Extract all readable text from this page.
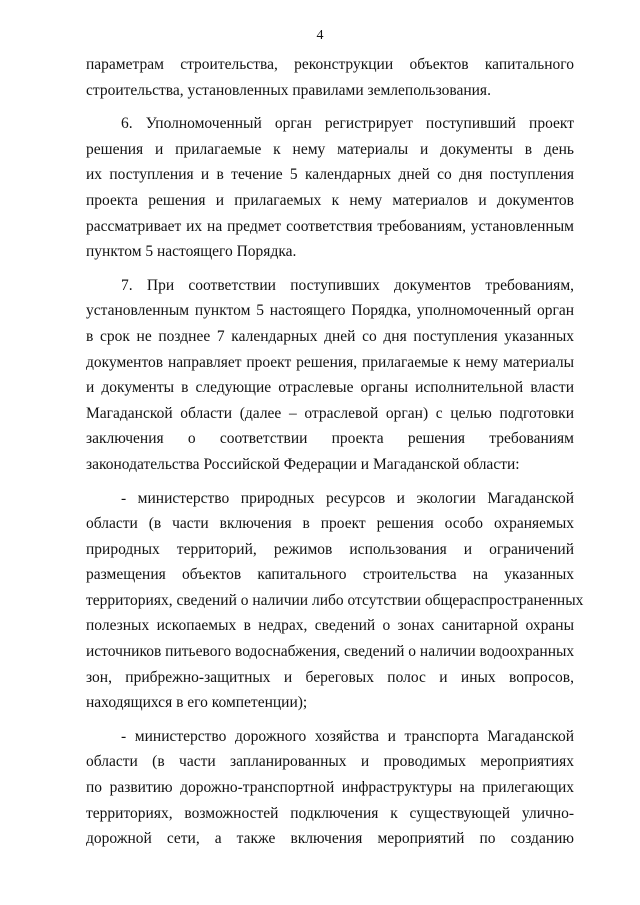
4
параметрам строительства, реконструкции объектов капитального
строительства, установленных правилами землепользования.
6. Уполномоченный орган регистрирует поступивший проект
решения и прилагаемые к нему материалы и документы в день
их поступления и в течение 5 календарных дней со дня поступления
проекта решения и прилагаемых к нему материалов и документов
рассматривает их на предмет соответствия требованиям, установленным
пунктом 5 настоящего Порядка.
7. При соответствии поступивших документов требованиям,
установленным пунктом 5 настоящего Порядка, уполномоченный орган
в срок не позднее 7 календарных дней со дня поступления указанных
документов направляет проект решения, прилагаемые к нему материалы
и документы в следующие отраслевые органы исполнительной власти
Магаданской области (далее – отраслевой орган) с целью подготовки
заключения о соответствии проекта решения требованиям
законодательства Российской Федерации и Магаданской области:
- министерство природных ресурсов и экологии Магаданской
области (в части включения в проект решения особо охраняемых
природных территорий, режимов использования и ограничений
размещения объектов капитального строительства на указанных
территориях, сведений о наличии либо отсутствии общераспространенных
полезных ископаемых в недрах, сведений о зонах санитарной охраны
источников питьевого водоснабжения, сведений о наличии водоохранных
зон, прибрежно-защитных и береговых полос и иных вопросов,
находящихся в его компетенции);
- министерство дорожного хозяйства и транспорта Магаданской
области (в части запланированных и проводимых мероприятиях
по развитию дорожно-транспортной инфраструктуры на прилегающих
территориях, возможностей подключения к существующей улично-
дорожной сети, а также включения мероприятий по созданию
